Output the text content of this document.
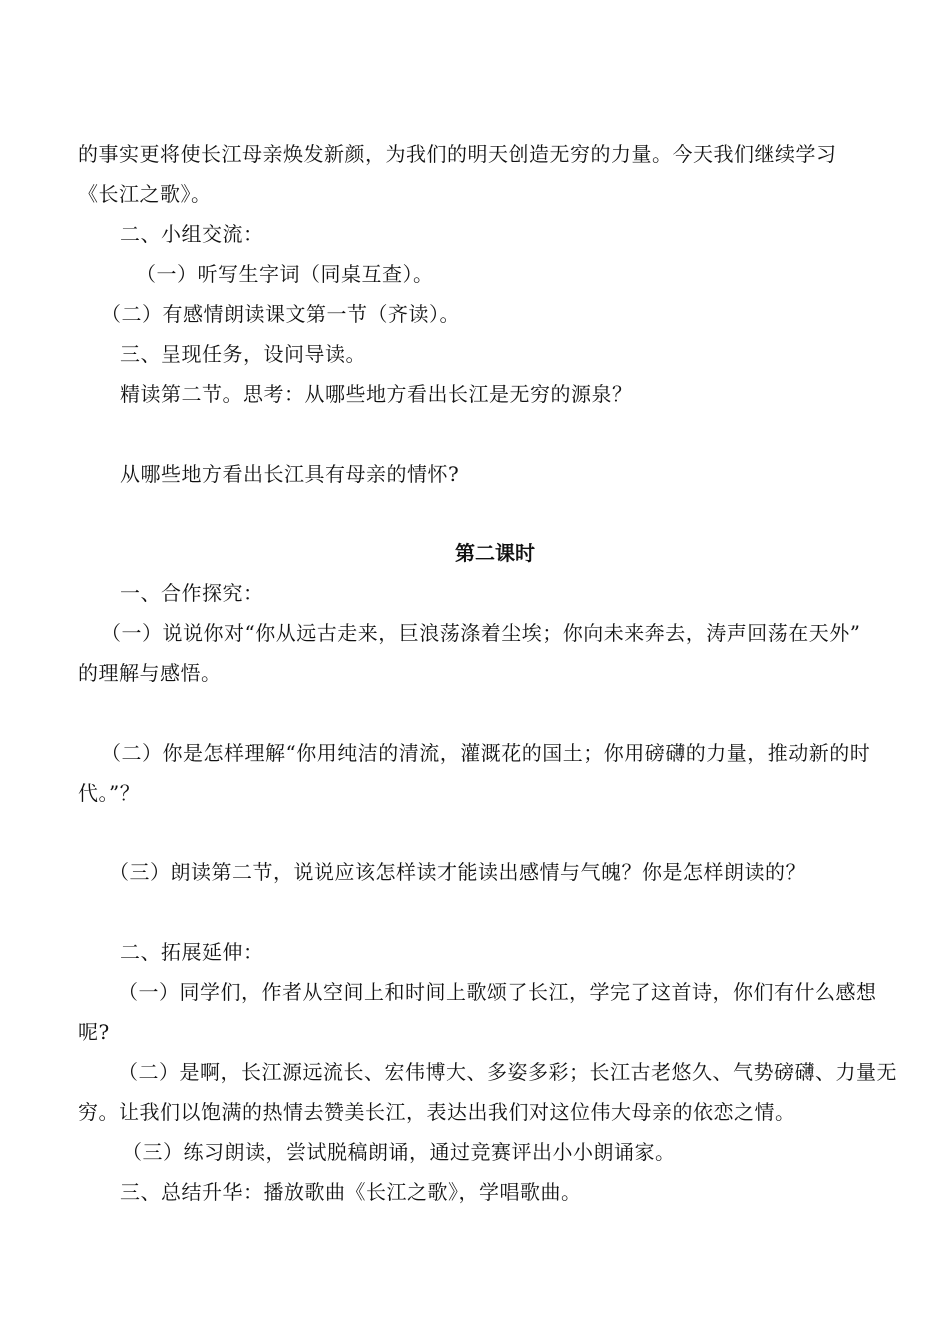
的事实更将使长江母亲焕发新颜，为我们的明天创造无穷的力量。今天我们继续学习
《长江之歌》。
二、小组交流：
（一）听写生字词（同桌互查）。
（二）有感情朗读课文第一节（齐读）。
三、呈现任务，设问导读。
精读第二节。思考：从哪些地方看出长江是无穷的源泉？
从哪些地方看出长江具有母亲的情怀?
第二课时
一、合作探究：
（一）说说你对“你从远古走来，巨浪荡涤着尘埃；你向未来奔去，涛声回荡在天外”
的理解与感悟。
（二）你是怎样理解“你用纯洁的清流，灌溉花的国土；你用磅礴的力量，推动新的时
代。”？
（三）朗读第二节，说说应该怎样读才能读出感情与气魄？你是怎样朗读的？
二、拓展延伸：
（一）同学们，作者从空间上和时间上歌颂了长江，学完了这首诗，你们有什么感想
呢?
（二）是啊，长江源远流长、宏伟博大、多姿多彩；长江古老悠久、气势磅礴、力量无
穷。让我们以饱满的热情去赞美长江，表达出我们对这位伟大母亲的依恋之情。
（三）练习朗读，尝试脱稿朗诵，通过竞赛评出小小朗诵家。
三、总结升华：播放歌曲《长江之歌》，学唱歌曲。
